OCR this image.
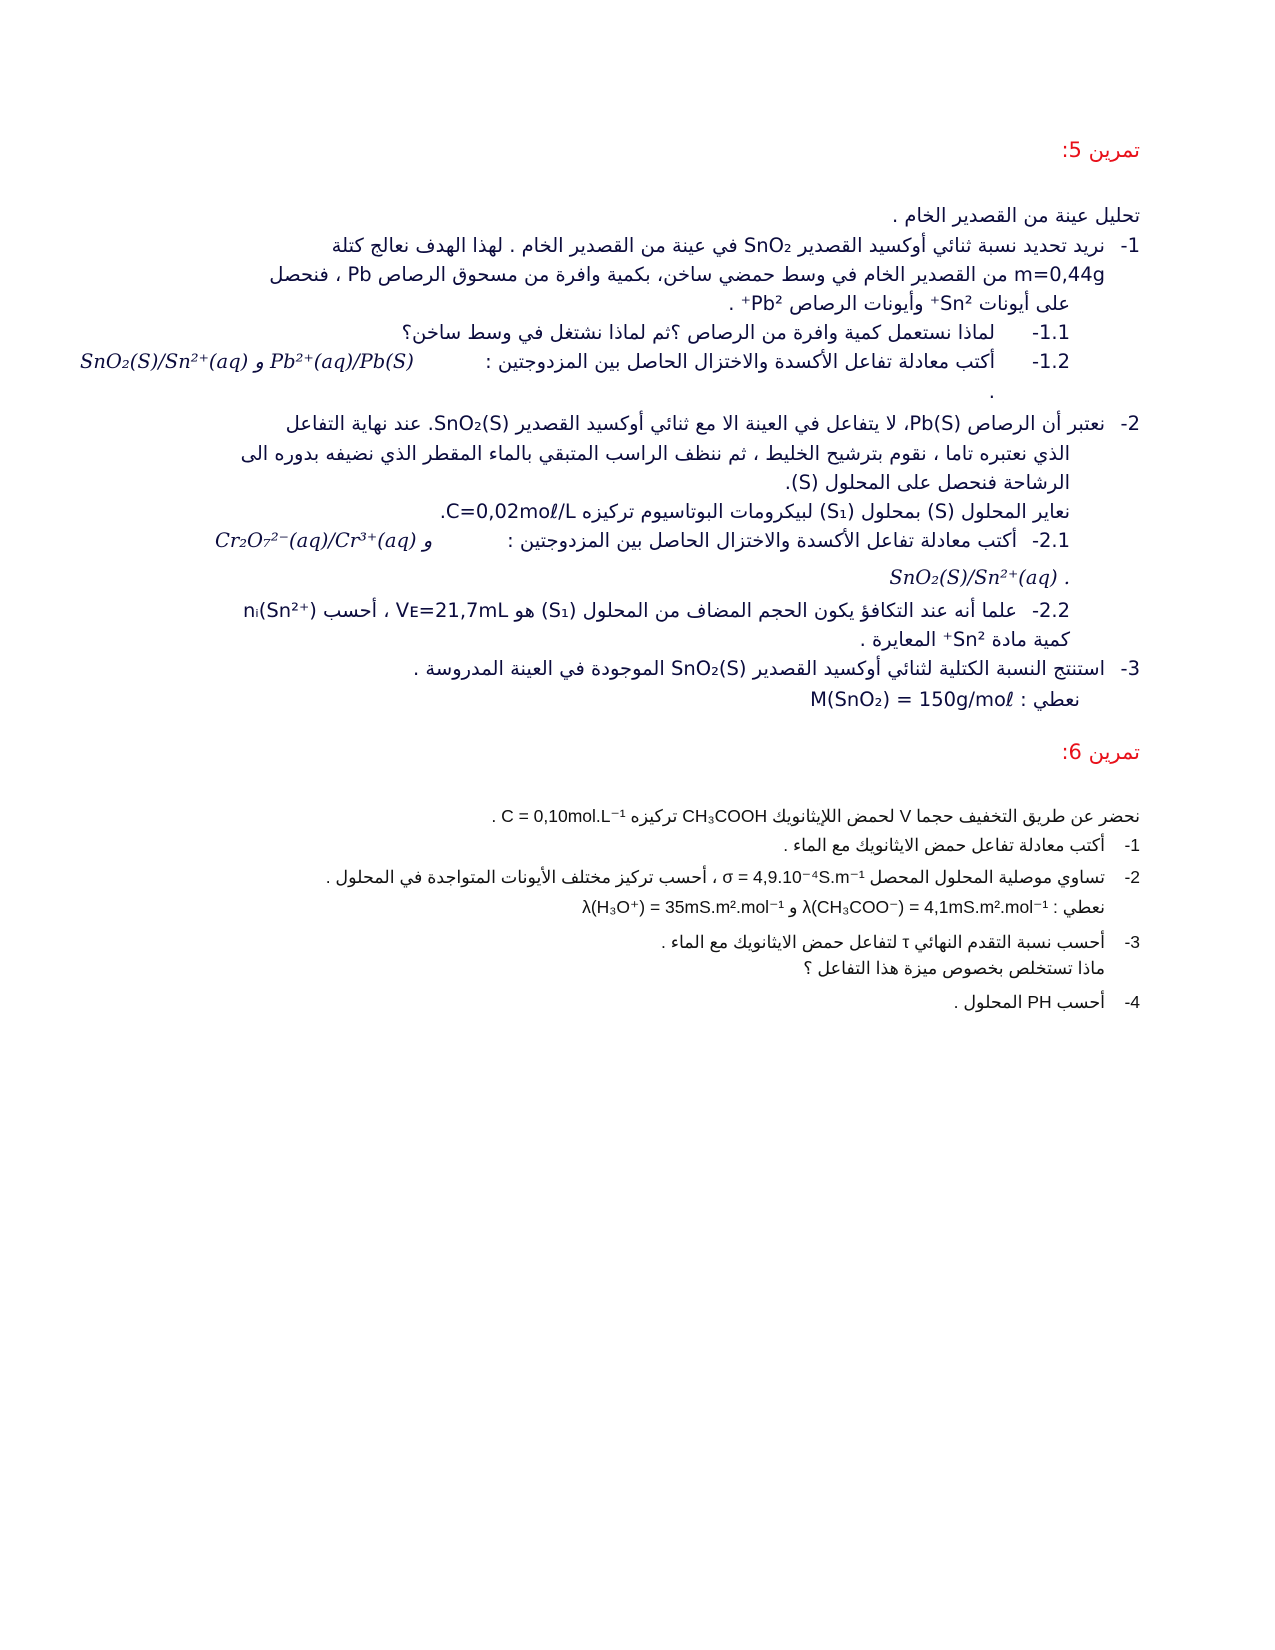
تمرين 5:
تحليل عينة من القصدير الخام .
1-
نريد تحديد نسبة ثنائي أوكسيد القصدير SnO₂ في عينة من القصدير الخام . لهذا الهدف نعالج كتلة
m=0,44g من القصدير الخام في وسط حمضي ساخن، بكمية وافرة من مسحوق الرصاص Pb ، فنحصل
على أيونات Sn²⁺ وأيونات الرصاص Pb²⁺ .
1.1-
لماذا نستعمل كمية وافرة من الرصاص ؟ثم لماذا نشتغل في وسط ساخن؟
1.2-
أكتب معادلة تفاعل الأكسدة والاختزال الحاصل بين المزدوجتين :
SnO₂(S)/Sn²⁺(aq) و Pb²⁺(aq)/Pb(S)
.
2-
نعتبر أن الرصاص Pb(S)، لا يتفاعل في العينة الا مع ثنائي أوكسيد القصدير SnO₂(S). عند نهاية التفاعل
الذي نعتبره تاما ، نقوم بترشيح الخليط ، ثم ننظف الراسب المتبقي بالماء المقطر الذي نضيفه بدوره الى
الرشاحة فنحصل على المحلول (S).
نعاير المحلول (S) بمحلول (S₁) لبيكرومات البوتاسيوم تركيزه C=0,02moℓ/L.
2.1-
أكتب معادلة تفاعل الأكسدة والاختزال الحاصل بين المزدوجتين :
Cr₂O₇²⁻(aq)/Cr³⁺(aq) و
SnO₂(S)/Sn²⁺(aq) .
2.2-
علما أنه عند التكافؤ يكون الحجم المضاف من المحلول (S₁) هو Vᴇ=21,7mL ، أحسب nᵢ(Sn²⁺)
كمية مادة Sn²⁺ المعايرة .
3-
استنتج النسبة الكتلية لثنائي أوكسيد القصدير SnO₂(S) الموجودة في العينة المدروسة .
نعطي : M(SnO₂) = 150g/moℓ
تمرين 6:
نحضر عن طريق التخفيف حجما V لحمض اللإيثانويك CH₃COOH تركيزه C = 0,10mol.L⁻¹ .
1-
أكتب معادلة تفاعل حمض الايثانويك مع الماء .
2-
تساوي موصلية المحلول المحصل σ = 4,9.10⁻⁴S.m⁻¹ ، أحسب تركيز مختلف الأيونات المتواجدة في المحلول .
نعطي : λ(CH₃COO⁻) = 4,1mS.m².mol⁻¹ و λ(H₃O⁺) = 35mS.m².mol⁻¹
3-
أحسب نسبة التقدم النهائي τ لتفاعل حمض الايثانويك مع الماء .
ماذا تستخلص بخصوص ميزة هذا التفاعل ؟
4-
أحسب PH المحلول .
